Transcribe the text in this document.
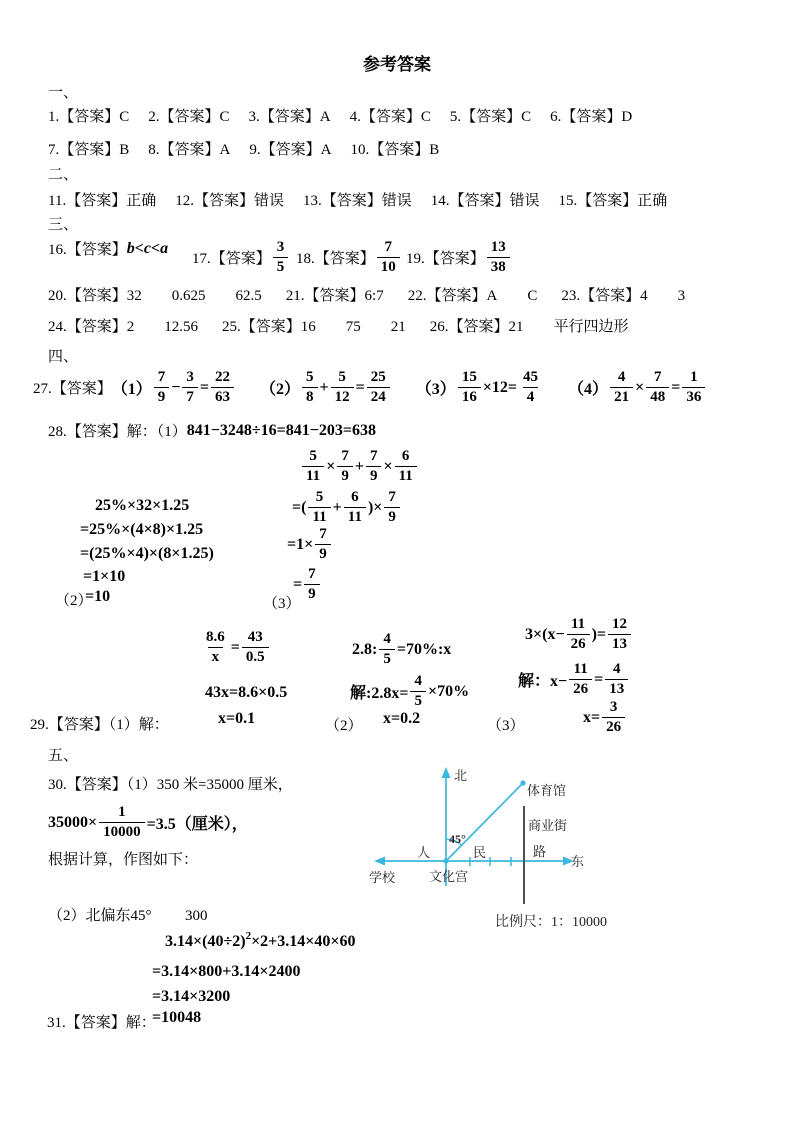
参考答案
一、
1.【答案】C 2.【答案】C 3.【答案】A 4.【答案】C 5.【答案】C 6.【答案】D
7.【答案】B 8.【答案】A 9.【答案】A 10.【答案】B
二、
11.【答案】正确 12.【答案】错误 13.【答案】错误 14.【答案】错误 15.【答案】正确
三、
16.【答案】 b<c<a
17.【答案】 $\frac{3}{5} 18$.【答案】 $\frac{7}{10} 19$.【答案】 $\frac{13}{38}$
20.【答案】 32 0.625 62.5 21.【答案】 6:7 22.【答案】 A C 23.【答案】 4 3
24.【答案】 2 12.56 25.【答案】 16 75 21 26.【答案】 21 平行四边形
四、
27.【答案】 $(1) \frac{7}{9} - \frac{3}{7} = \frac{22}{63} (2) \frac{5}{8} + \frac{5}{12} = \frac{25}{24} (3) \frac{15}{16} \times 12= \frac{45}{4} (4) \frac{4}{21} \times \frac{7}{48} = \frac{1}{36}$
28.【答案】解：（1） 841−3248÷16=841−203=638
$\frac{5}{11} \times \frac{7}{9} + \frac{7}{9} \times \frac{6}{11}$
25%×32×1.25	=( $\frac{5}{11} + \frac{6}{11}$ )× $\frac{7}{9}$
=25%×(4×8)×1.25
=(25%×4)×(8×1.25)
$=1\times \frac{7}{9}$
=1×10
（2）
=10	（3）
= $\frac{7}{9}$
$\frac{8.6}{x} = \frac{43}{0.5}$
43x=8.6×0.5
x=0.1
29.【答案】（1）解：	（2）
2.8: $\frac{4}{5}$ =70%:x
解:2.8x= $\frac{4}{5} \times 70\%$
x=0.2	（3）
$3\times(x- \frac{11}{26}$ )= $\frac{12}{13}$
解：$x- \frac{11}{26} = \frac{4}{13}$
$x= \frac{3}{26}$
五、
30.【答案】（1）350 米=35000 厘米，
$35000\times \frac{1}{10000} =3.5$（厘米），
根据计算，作图如下：
（2）北偏东45° 300
北
东
学校
体育馆
商业街
45°
人	民	路
文化宫
比例尺：1：10000
3.14×(40÷2) 2 ×2+3.14×40×60
=3.14×800+3.14×2400
=3.14×3200
31.【答案】解：
=10048
